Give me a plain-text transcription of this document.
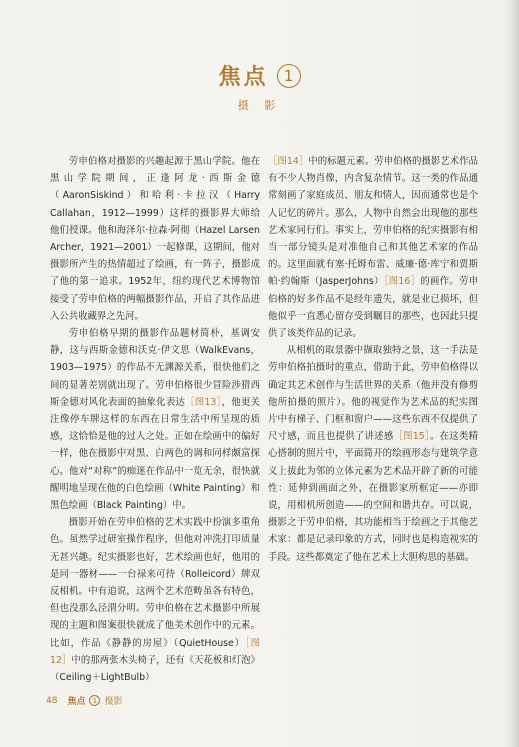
焦点	1
摄 影

劳申伯格对摄影的兴趣起源于黑山学院。他在黑山学院期间，正逢阿龙·西斯金德（AaronSiskind）和哈利·卡拉汉（Harry Callahan，1912—1999）这样的摄影界大师给他们授课。他和海泽尔·拉森·阿彻（Hazel Larsen Archer，1921—2001）一起修课，这期间，他对摄影所产生的热情超过了绘画，有一阵子，摄影成了他的第一追求。1952年，纽约现代艺术博物馆接受了劳申伯格的两幅摄影作品，开启了其作品进入公共收藏界之先河。

劳申伯格早期的摄影作品题材简朴，基调安静，这与西斯金德和沃克·伊文思（WalkEvans，1903—1975）的作品不无渊源关系，很快他们之间的显著差别就出现了。劳申伯格很少冒险涉猎西斯金德对风化表面的抽象化表达［图13］，他更关注像停车牌这样的东西在日常生活中所呈现的质感，这恰恰是他的过人之处。正如在绘画中的偏好一样，他在摄影中对黑、白两色的调和同样颇富探心。他对“对称”的痴迷在作品中一览无余，很快就醒明地呈现在他的白色绘画（White Painting）和黑色绘画（Black Painting）中。

摄影开始在劳申伯格的艺术实践中扮演多重角色。虽然学过研室操作程序，但他对冲洗打印质量无甚兴趣。纪实摄影也好，艺术绘画也好，他用的是同一器材——一台禄来可待（Rolleicord）牌双反相机。中有追说，这两个艺术范畴虽各有特色，但也没那么泾渭分明。劳申伯格在艺术摄影中所展现的主题和图案很快就成了他美术创作中的元素。比如，作品《静静的房屋》（QuietHouse）［图12］中的那两张木头椅子，还有《天花板和灯泡》（Ceiling＋LightBulb）

［图14］中的标题元素。劳申伯格的摄影艺术作品有不少人物肖像，内含复杂情节。这一类的作品通常刻画了家庭成员、朋友和情人，因而通常也是个人记忆的碎片。那么，人物中自然会出现他的那些艺术家同行们。事实上，劳申伯格的纪实摄影有相当一部分镜头是对准他自己和其他艺术家的作品的。这里面就有塞·托姆布雷、威廉·德·库宁和贾斯帕·约翰斯（JasperJohns）［图16］的画作。劳申伯格的好多作品不是经年遗失，就是业已损坏，但他似乎一直悉心留存受到瞩目的那些，也因此只提供了该类作品的记录。

从相机的取景器中撷取独特之景，这一手法是劳申伯格拍摄时的重点，借助于此，劳申伯格得以确定其艺术创作与生活世界的关系（他并没有修剪他所拍摄的照片）。他的视觉作为艺术品的纪实图片中有梯子、门框和窗户——这些东西不仅提供了尺寸感，而且也提供了讲述感［图15］。在这类精心搭制的照片中，平面简开的绘画形态与建筑学意义上拔此为邻的立体元素为艺术品开辟了新的可能性：延伸到画面之外，在摄影家所框定——亦即说，用相机所创造——的空间和谐共存。可以说，摄影之于劳申伯格，其功能相当于绘画之于其他艺术家：都是记录印象的方式，同时也是构造视实的手段。这些都奠定了他在艺术上大胆构思的基础。

48 焦点	1 摄影
